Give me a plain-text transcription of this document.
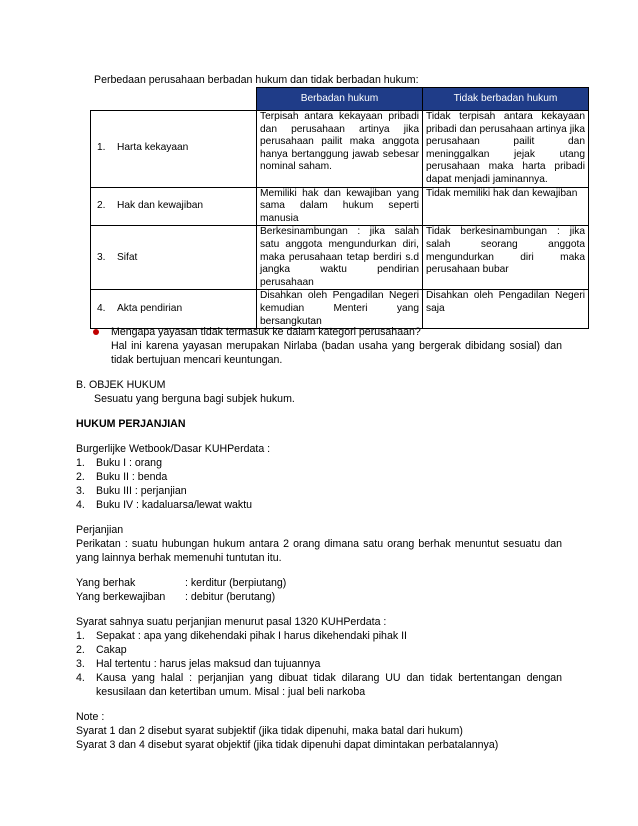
Perbedaan perusahaan berbadan hukum dan tidak berbadan hukum:
	Berbadan hukum	Tidak berbadan hukum
1. Harta kekayaan	Terpisah antara kekayaan pribadi dan perusahaan artinya jika perusahaan pailit maka anggota hanya bertanggung jawab sebesar nominal saham.	Tidak terpisah antara kekayaan pribadi dan perusahaan artinya jika perusahaan pailit dan meninggalkan jejak utang perusahaan maka harta pribadi dapat menjadi jaminannya.
2. Hak dan kewajiban	Memiliki hak dan kewajiban yang sama dalam hukum seperti manusia	Tidak memiliki hak dan kewajiban
3. Sifat	Berkesinambungan : jika salah satu anggota mengundurkan diri, maka perusahaan tetap berdiri s.d jangka waktu pendirian perusahaan	Tidak berkesinambungan : jika salah seorang anggota mengundurkan diri maka perusahaan bubar
4. Akta pendirian	Disahkan oleh Pengadilan Negeri kemudian Menteri yang bersangkutan	Disahkan oleh Pengadilan Negeri saja
Mengapa yayasan tidak termasuk ke dalam kategori perusahaan?
Hal ini karena yayasan merupakan Nirlaba (badan usaha yang bergerak dibidang sosial) dan
tidak bertujuan mencari keuntungan.
B. OBJEK HUKUM
Sesuatu yang berguna bagi subjek hukum.
HUKUM PERJANJIAN
Burgerlijke Wetbook/Dasar KUHPerdata :
1. Buku I : orang
2. Buku II : benda
3. Buku III : perjanjian
4. Buku IV : kadaluarsa/lewat waktu
Perjanjian
Perikatan : suatu hubungan hukum antara 2 orang dimana satu orang berhak menuntut sesuatu dan
yang lainnya berhak memenuhi tuntutan itu.
Yang berhak	: kerditur (berpiutang)
Yang berkewajiban : debitur (berutang)
Syarat sahnya suatu perjanjian menurut pasal 1320 KUHPerdata :
1. Sepakat : apa yang dikehendaki pihak I harus dikehendaki pihak II
2. Cakap
3. Hal tertentu : harus jelas maksud dan tujuannya
4. Kausa yang halal : perjanjian yang dibuat tidak dilarang UU dan tidak bertentangan dengan
kesusilaan dan ketertiban umum. Misal : jual beli narkoba
Note :
Syarat 1 dan 2 disebut syarat subjektif (jika tidak dipenuhi, maka batal dari hukum)
Syarat 3 dan 4 disebut syarat objektif (jika tidak dipenuhi dapat dimintakan perbatalannya)
